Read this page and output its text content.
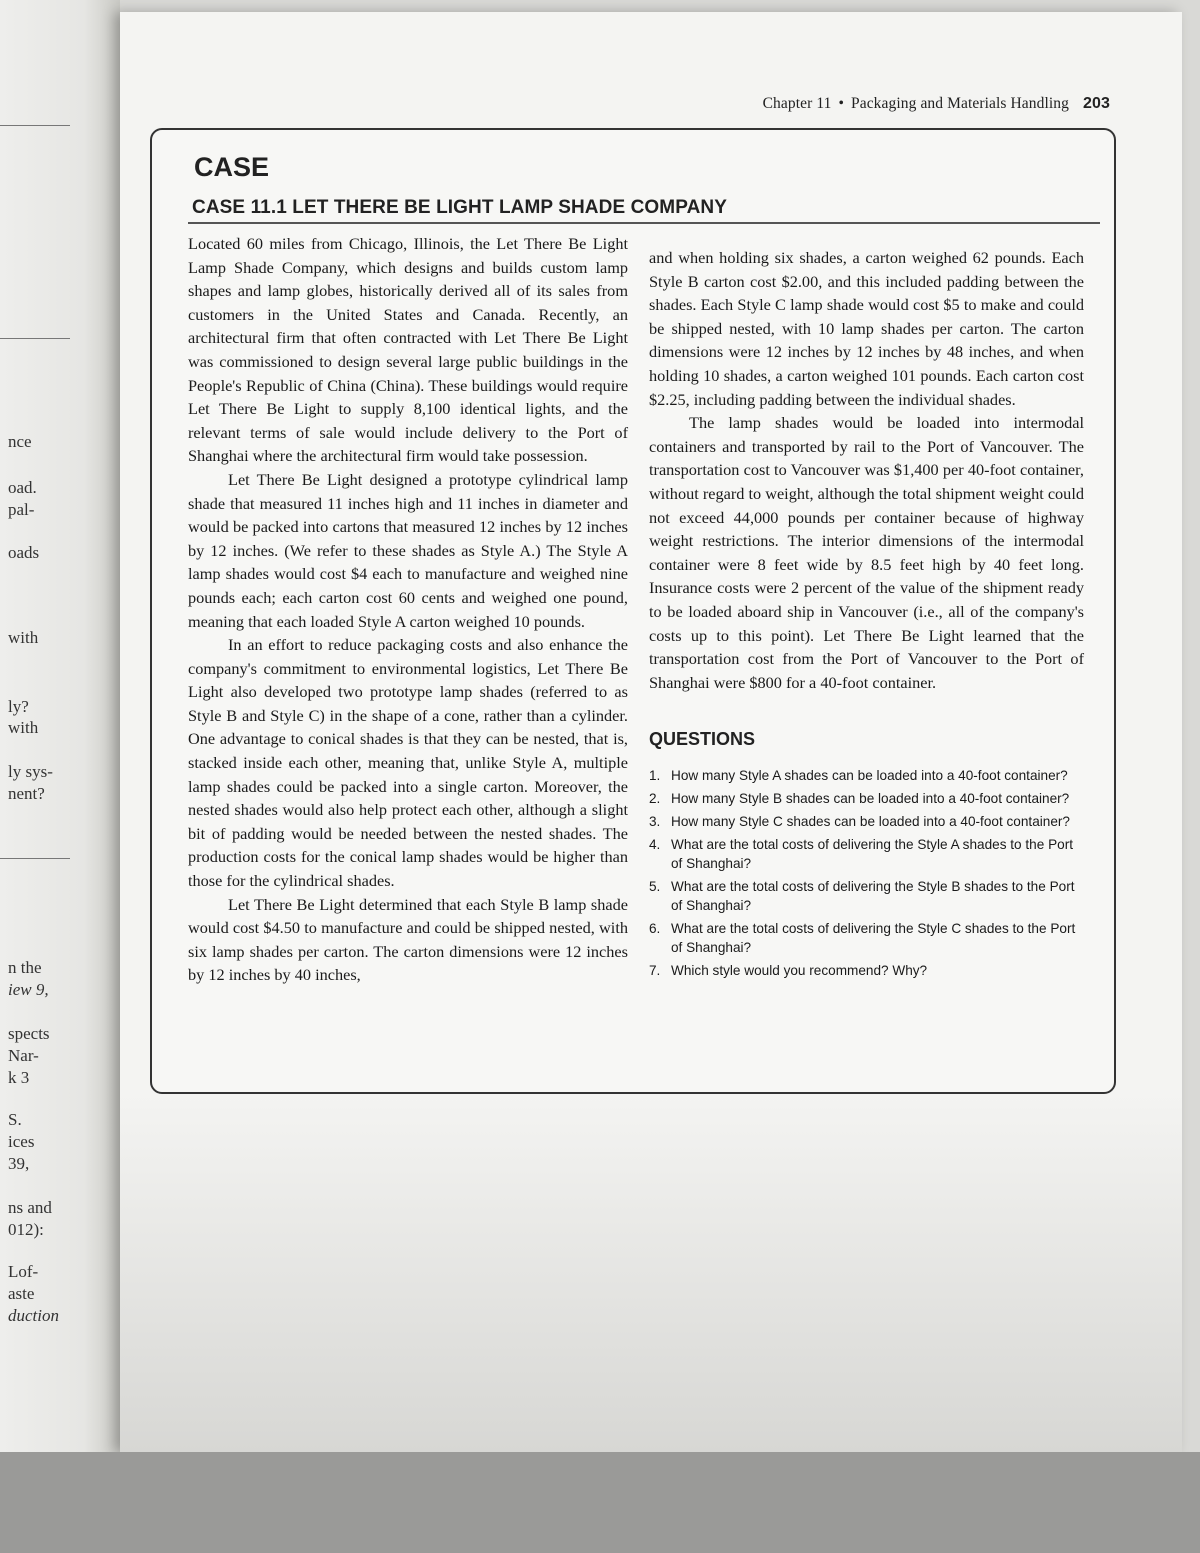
nce
oad.
pal-
oads
with
ly?
with
ly sys-
nent?
n the
iew 9,
spects
Nar-
k 3
S.
ices
39,
ns and
012):
Lof-
aste
duction
Chapter 11 • Packaging and Materials Handling 203
CASE
CASE 11.1 LET THERE BE LIGHT LAMP SHADE COMPANY

Located 60 miles from Chicago, Illinois, the Let There Be Light Lamp Shade Company, which designs and builds custom lamp shapes and lamp globes, historically derived all of its sales from customers in the United States and Canada. Recently, an architectural firm that often contracted with Let There Be Light was commissioned to design several large public buildings in the People's Republic of China (China). These buildings would require Let There Be Light to supply 8,100 identical lights, and the relevant terms of sale would include delivery to the Port of Shanghai where the architectural firm would take possession.

Let There Be Light designed a prototype cylindrical lamp shade that measured 11 inches high and 11 inches in diameter and would be packed into cartons that measured 12 inches by 12 inches by 12 inches. (We refer to these shades as Style A.) The Style A lamp shades would cost $4 each to manufacture and weighed nine pounds each; each carton cost 60 cents and weighed one pound, meaning that each loaded Style A carton weighed 10 pounds.

In an effort to reduce packaging costs and also enhance the company's commitment to environmental logistics, Let There Be Light also developed two prototype lamp shades (referred to as Style B and Style C) in the shape of a cone, rather than a cylinder. One advantage to conical shades is that they can be nested, that is, stacked inside each other, meaning that, unlike Style A, multiple lamp shades could be packed into a single carton. Moreover, the nested shades would also help protect each other, although a slight bit of padding would be needed between the nested shades. The production costs for the conical lamp shades would be higher than those for the cylindrical shades.

Let There Be Light determined that each Style B lamp shade would cost $4.50 to manufacture and could be shipped nested, with six lamp shades per carton. The carton dimensions were 12 inches by 12 inches by 40 inches,

and when holding six shades, a carton weighed 62 pounds. Each Style B carton cost $2.00, and this included padding between the shades. Each Style C lamp shade would cost $5 to make and could be shipped nested, with 10 lamp shades per carton. The carton dimensions were 12 inches by 12 inches by 48 inches, and when holding 10 shades, a carton weighed 101 pounds. Each carton cost $2.25, including padding between the individual shades.

The lamp shades would be loaded into intermodal containers and transported by rail to the Port of Vancouver. The transportation cost to Vancouver was $1,400 per 40-foot container, without regard to weight, although the total shipment weight could not exceed 44,000 pounds per container because of highway weight restrictions. The interior dimensions of the intermodal container were 8 feet wide by 8.5 feet high by 40 feet long. Insurance costs were 2 percent of the value of the shipment ready to be loaded aboard ship in Vancouver (i.e., all of the company's costs up to this point). Let There Be Light learned that the transportation cost from the Port of Vancouver to the Port of Shanghai were $800 for a 40-foot container.

QUESTIONS
1. How many Style A shades can be loaded into a 40-foot container?
2. How many Style B shades can be loaded into a 40-foot container?
3. How many Style C shades can be loaded into a 40-foot container?
4. What are the total costs of delivering the Style A shades to the Port of Shanghai?
5. What are the total costs of delivering the Style B shades to the Port of Shanghai?
6. What are the total costs of delivering the Style C shades to the Port of Shanghai?
7. Which style would you recommend? Why?
